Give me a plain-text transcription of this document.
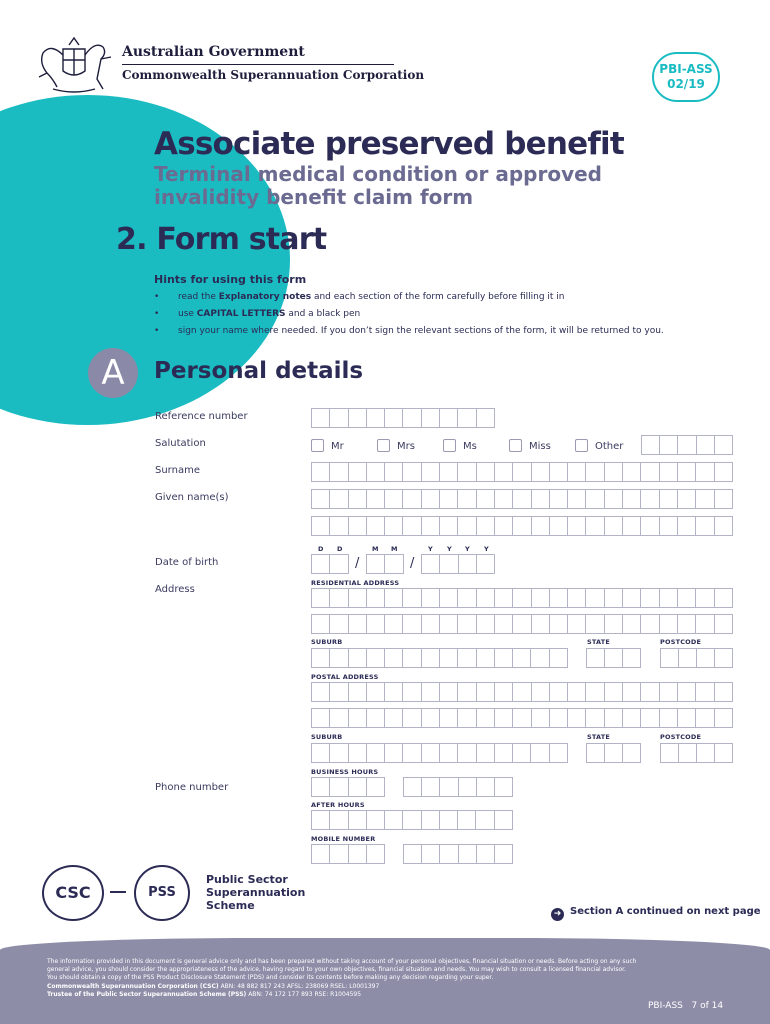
Australian Government
Commonwealth Superannuation Corporation	PBI-ASS
02/19
Associate preserved benefit
Terminal medical condition or approved
invalidity benefit claim form
2. Form start
Hints for using this form
• read the Explanatory notes and each section of the form carefully before filling it in
• use CAPITAL LETTERS and a black pen
• sign your name where needed. If you don’t sign the relevant sections of the form, it will be returned to you.
A	Personal details
Reference number
Salutation	Mr	Mrs	Ms	Miss	Other
Surname
Given name(s)
D D	M M	Y Y Y Y
Date of birth	/	/
Address
RESIDENTIAL ADDRESS
SUBURB	STATE	POSTCODE
POSTAL ADDRESS
SUBURB	STATE	POSTCODE
BUSINESS HOURS
Phone number
AFTER HOURS
MOBILE NUMBER
CSC	PSS
Public Sector
Superannuation
Scheme
➜ Section A continued on next page
The information provided in this document is general advice only and has been prepared without taking account of your personal objectives, financial situation or needs. Before acting on any such
general advice, you should consider the appropriateness of the advice, having regard to your own objectives, financial situation and needs. You may wish to consult a licensed financial advisor.
You should obtain a copy of the PSS Product Disclosure Statement (PDS) and consider its contents before making any decision regarding your super.
Commonwealth Superannuation Corporation (CSC) ABN: 48 882 817 243 AFSL: 238069 RSEL: L0001397
Trustee of the Public Sector Superannuation Scheme (PSS) ABN: 74 172 177 893 RSE: R1004595
PBI-ASS 7 of 14
